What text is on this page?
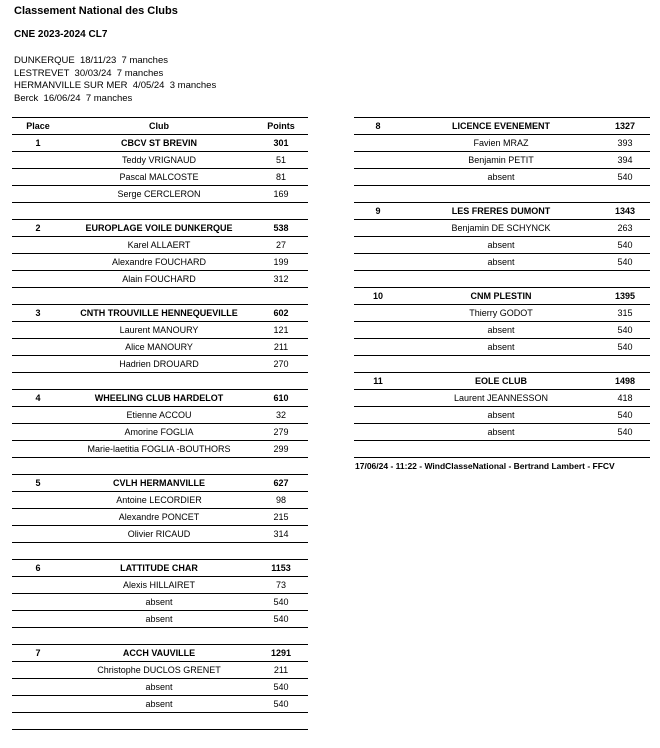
Classement National des Clubs
CNE 2023-2024 CL7
DUNKERQUE  18/11/23  7 manches
LESTREVET  30/03/24  7 manches
HERMANVILLE SUR MER  4/05/24  3 manches
Berck  16/06/24  7 manches
Place	Club	Points
1	CBCV ST BREVIN	301
Teddy VRIGNAUD	51
Pascal MALCOSTE	81
Serge CERCLERON	169
2	EUROPLAGE VOILE DUNKERQUE	538
Karel ALLAERT	27
Alexandre FOUCHARD	199
Alain FOUCHARD	312
3	CNTH TROUVILLE HENNEQUEVILLE	602
Laurent MANOURY	121
Alice MANOURY	211
Hadrien DROUARD	270
4	WHEELING CLUB HARDELOT	610
Etienne ACCOU	32
Amorine FOGLIA	279
Marie-laetitia FOGLIA -BOUTHORS	299
5	CVLH HERMANVILLE	627
Antoine LECORDIER	98
Alexandre PONCET	215
Olivier RICAUD	314
6	LATTITUDE CHAR	1153
Alexis HILLAIRET	73
absent	540
absent	540
7	ACCH VAUVILLE	1291
Christophe DUCLOS GRENET	211
absent	540
absent	540
8	LICENCE EVENEMENT	1327
Favien MRAZ	393
Benjamin PETIT	394
absent	540
9	LES FRERES DUMONT	1343
Benjamin DE SCHYNCK	263
absent	540
absent	540
10	CNM PLESTIN	1395
Thierry GODOT	315
absent	540
absent	540
11	EOLE CLUB	1498
Laurent JEANNESSON	418
absent	540
absent	540
17/06/24 - 11:22 - WindClasseNational - Bertrand Lambert - FFCV
